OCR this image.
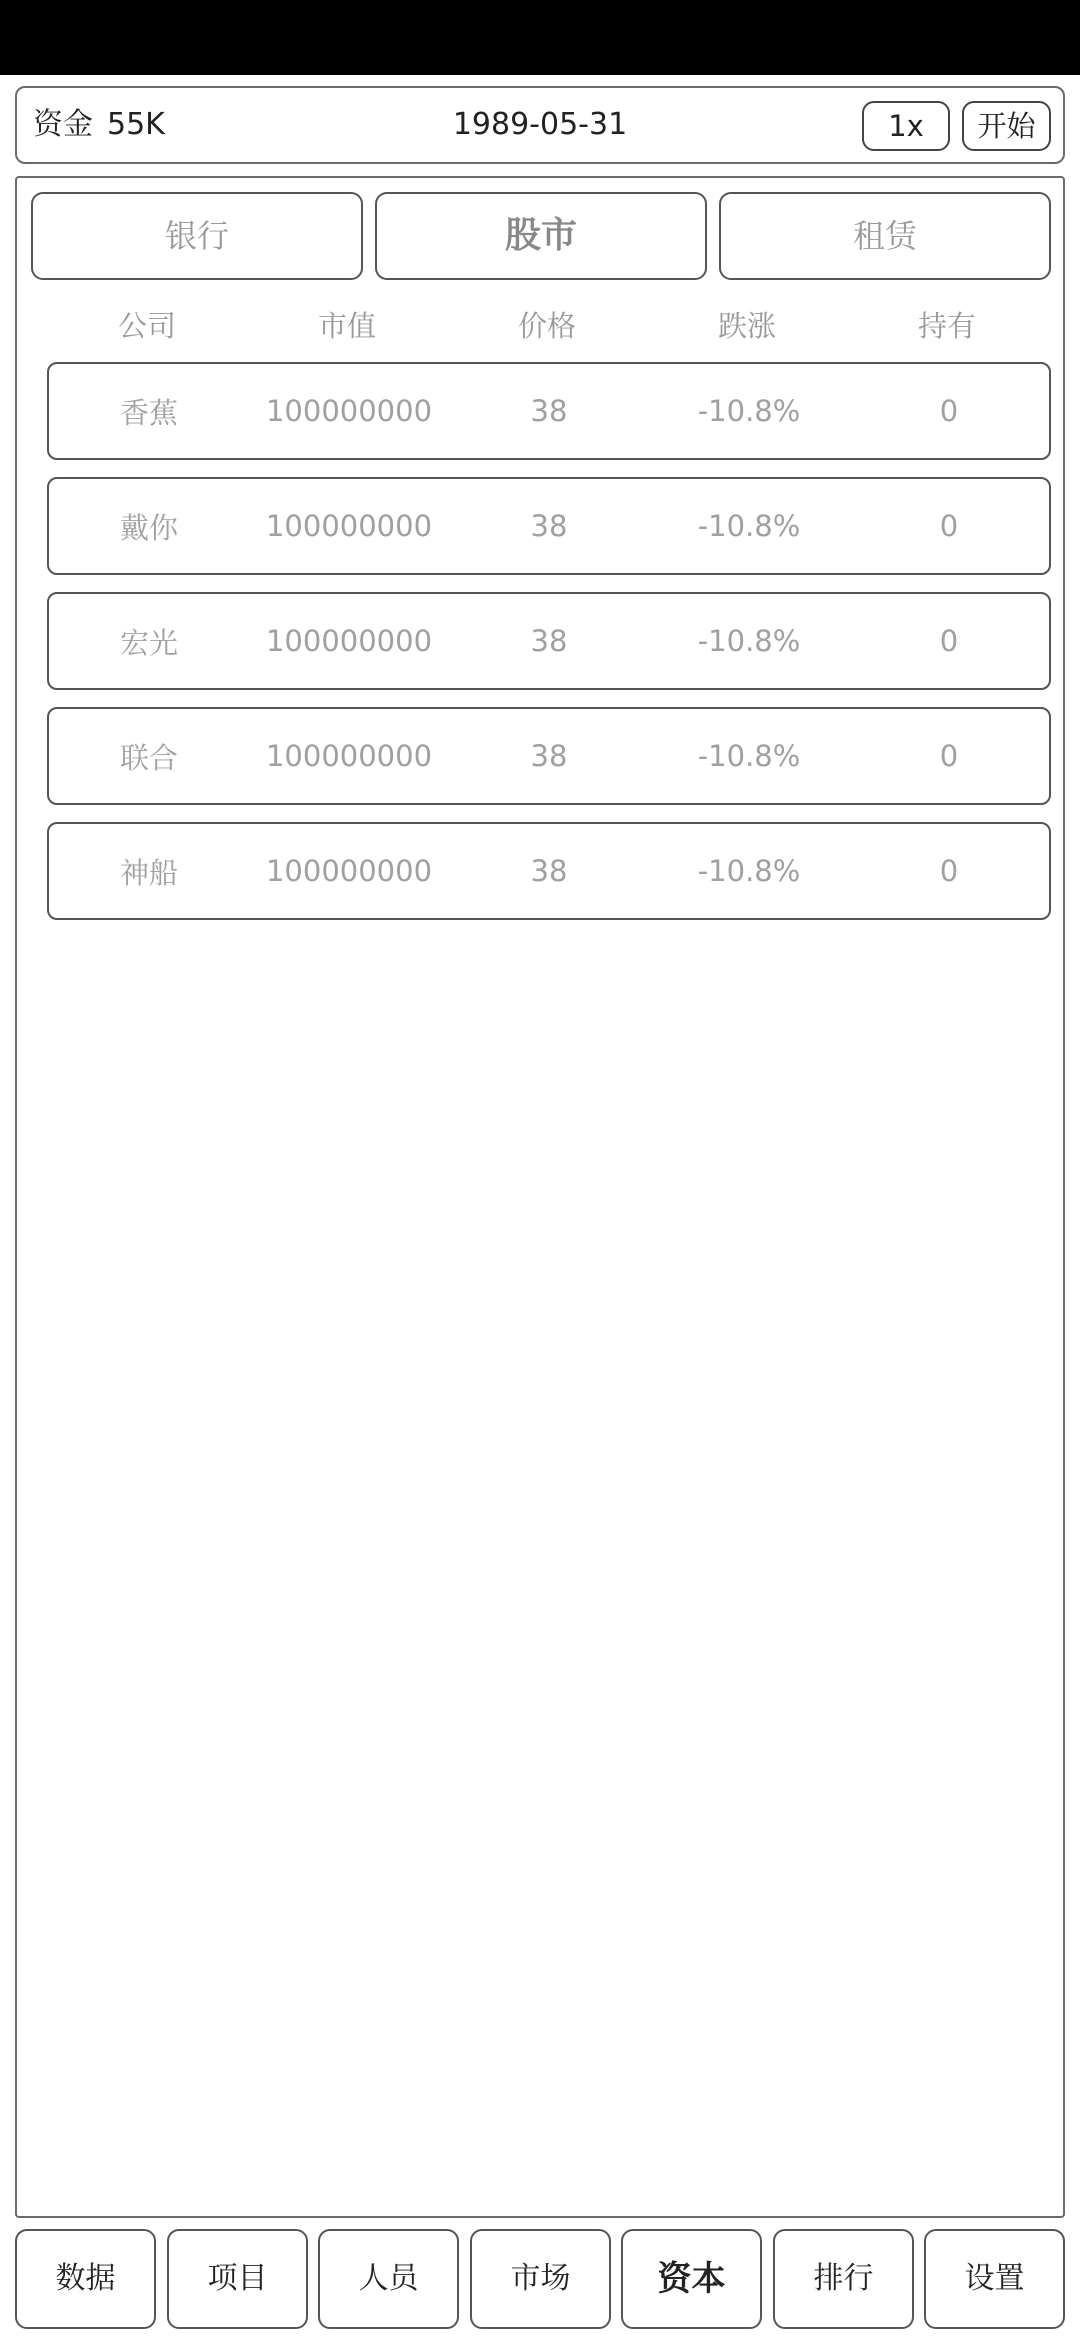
资金 55K	1989-05-31	1x	开始
银行	股市	租赁
公司	市值	价格	跌涨	持有
香蕉	100000000	38	-10.8%	0
戴你	100000000	38	-10.8%	0
宏光	100000000	38	-10.8%	0
联合	100000000	38	-10.8%	0
神船	100000000	38	-10.8%	0
数据	项目	人员	市场	资本	排行	设置
